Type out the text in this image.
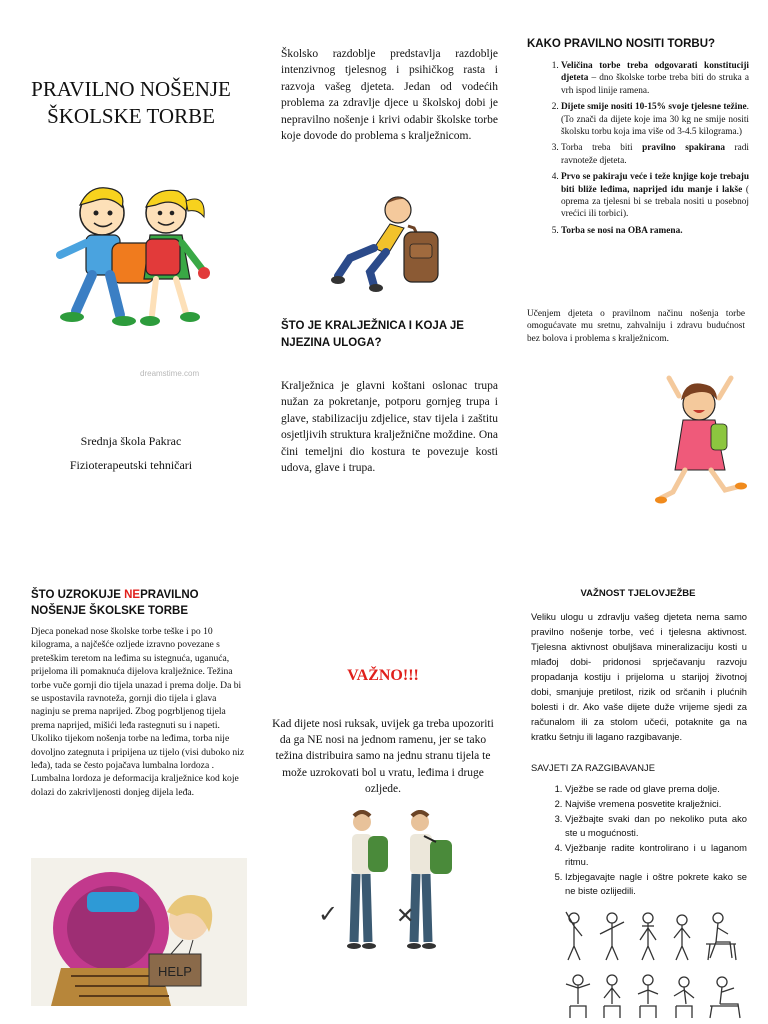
PRAVILNO NOŠENJE
ŠKOLSKE TORBE
dreamstime.com
Srednja škola Pakrac
Fizioterapeutski tehničari

Školsko razdoblje predstavlja razdoblje intenzivnog tjelesnog i psihičkog rasta i razvoja vašeg djeteta. Jedan od vodećih problema za zdravlje djece u školskoj dobi je nepravilno nošenje i krivi odabir školske torbe koje dovode do problema s kralježnicom.

ŠTO JE KRALJEŽNICA I KOJA JE NJEZINA ULOGA?

Kralježnica je glavni koštani oslonac trupa nužan za pokretanje, potporu gornjeg trupa i glave, stabilizaciju zdjelice, stav tijela i zaštitu osjetljivih struktura kralježnične moždine. Ona čini temeljni dio kostura te povezuje kosti udova, glave i trupa.

KAKO PRAVILNO NOSITI TORBU?
1. Veličina torbe treba odgovarati konstituciji djeteta – dno školske torbe treba biti do struka a vrh ispod linije ramena.
2. Dijete smije nositi 10-15% svoje tjelesne težine. (To znači da dijete koje ima 30 kg ne smije nositi školsku torbu koja ima više od 3-4.5 kilograma.)
3. Torba treba biti pravilno spakirana radi ravnoteže djeteta.
4. Prvo se pakiraju veće i teže knjige koje trebaju biti bliže leđima, naprijed idu manje i lakše ( oprema za tjelesni bi se trebala nositi u posebnoj vrećici ili torbici).
5. Torba se nosi na OBA ramena.

Učenjem djeteta o pravilnom načinu nošenja torbe omogućavate mu sretnu, zahvalniju i zdravu budućnost bez bolova i problema s kralježnicom.

ŠTO UZROKUJE NEPRAVILNO NOŠENJE ŠKOLSKE TORBE

Djeca ponekad nose školske torbe teške i po 10 kilograma, a najčešće ozljede izravno povezane s preteškim teretom na leđima su istegnuća, uganuća, prijeloma ili pomaknuća dijelova kralježnice. Težina torbe vuče gornji dio tijela unazad i prema dolje. Da bi se uspostavila ravnoteža, gornji dio tijela i glava naginju se prema naprijed. Zbog pogrbljenog tijela prema naprijed, mišići leđa rastegnuti su i napeti. Ukoliko tijekom nošenja torbe na leđima, torba nije dovoljno zategnuta i pripijena uz tijelo (visi duboko niz leđa), tada se često pojačava lumbalna lordoza . Lumbalna lordoza je deformacija kralježnice kod koje dolazi do zakrivljenosti donjeg dijela leđa.

HELP
VAŽNO!!!

Kad dijete nosi ruksak, uvijek ga treba upozoriti da ga NE nosi na jednom ramenu, jer se tako težina distribuira samo na jednu stranu tijela te može uzrokovati bol u vratu, leđima i druge ozljede.

✓	✕
VAŽNOST TJELOVJEŽBE

Veliku ulogu u zdravlju vašeg djeteta nema samo pravilno nošenje torbe, već i tjelesna aktivnost. Tjelesna aktivnost obuljšava mineralizaciju kosti u mlađoj dobi- pridonosi sprječavanju razvoju propadanja kostiju i prijeloma u starijoj životnoj dobi, smanjuje pretilost, rizik od srčanih i plućnih bolesti i dr. Ako vaše dijete duže vrijeme sjedi za računalom ili za stolom učeći, potaknite ga na kratku šetnju ili lagano razgibavanje.

SAVJETI ZA RAZGIBAVANJE
1. Vježbe se rade od glave prema dolje.
2. Najviše vremena posvetite kralježnici.
3. Vježbajte svaki dan po nekoliko puta ako ste u mogućnosti.
4. Vježbanje radite kontrolirano i u laganom ritmu.
5. Izbjegavajte nagle i oštre pokrete kako se ne biste ozlijedili.
